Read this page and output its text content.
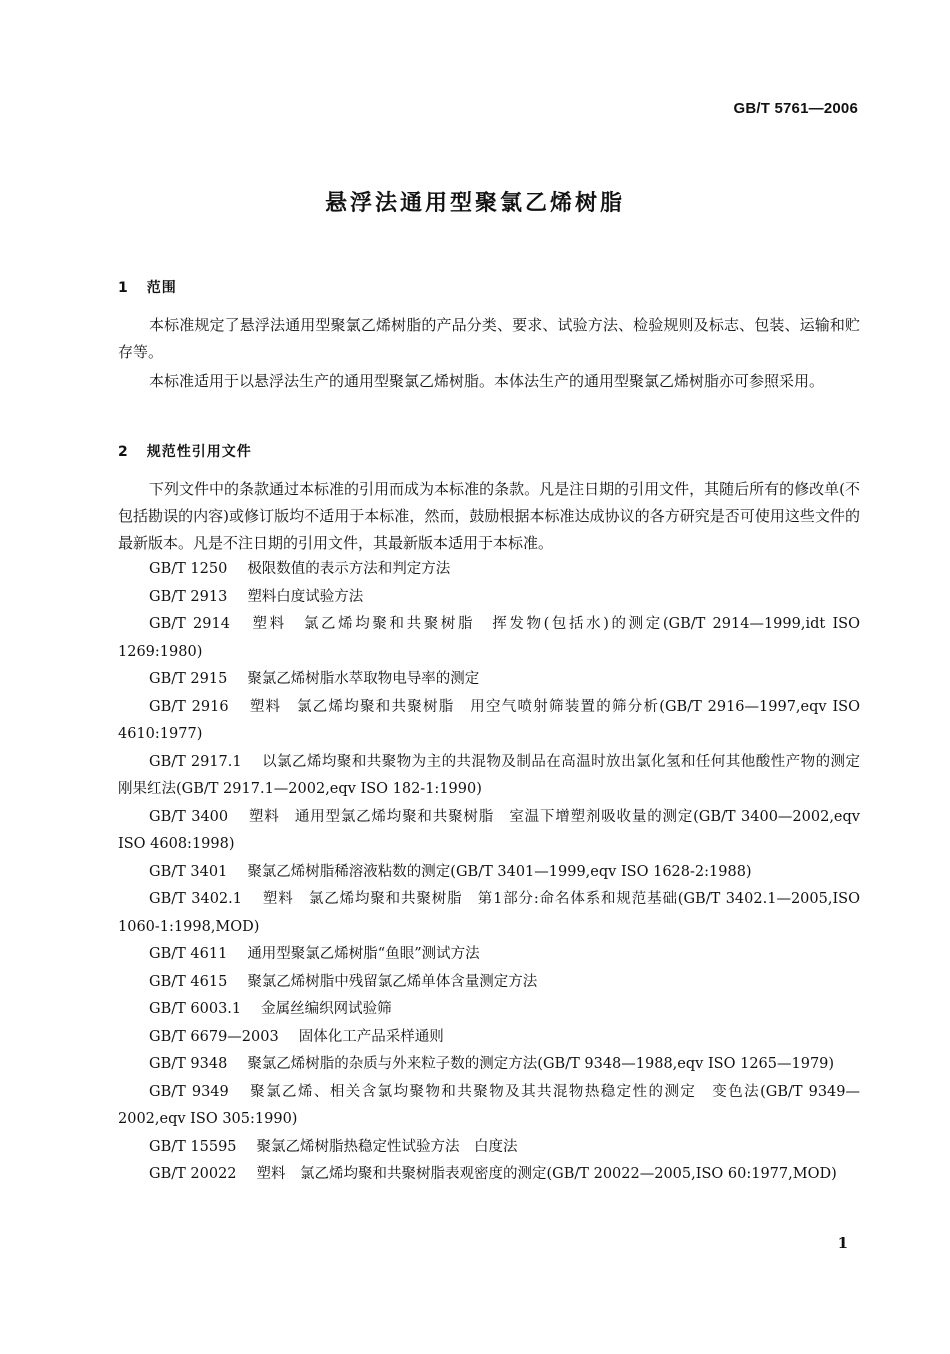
GB/T 5761—2006
悬浮法通用型聚氯乙烯树脂
1 范围
本标准规定了悬浮法通用型聚氯乙烯树脂的产品分类、要求、试验方法、检验规则及标志、包装、运输和贮存等。
本标准适用于以悬浮法生产的通用型聚氯乙烯树脂。本体法生产的通用型聚氯乙烯树脂亦可参照采用。
2 规范性引用文件
下列文件中的条款通过本标准的引用而成为本标准的条款。凡是注日期的引用文件，其随后所有的修改单(不包括勘误的内容)或修订版均不适用于本标准，然而，鼓励根据本标准达成协议的各方研究是否可使用这些文件的最新版本。凡是不注日期的引用文件，其最新版本适用于本标准。
GB/T 1250 极限数值的表示方法和判定方法
GB/T 2913 塑料白度试验方法
GB/T 2914 塑料　氯乙烯均聚和共聚树脂　挥发物(包括水)的测定(GB/T 2914—1999,idt ISO 1269:1980)
GB/T 2915 聚氯乙烯树脂水萃取物电导率的测定
GB/T 2916 塑料　氯乙烯均聚和共聚树脂　用空气喷射筛装置的筛分析(GB/T 2916—1997,eqv ISO 4610:1977)
GB/T 2917.1 以氯乙烯均聚和共聚物为主的共混物及制品在高温时放出氯化氢和任何其他酸性产物的测定　刚果红法(GB/T 2917.1—2002,eqv ISO 182-1:1990)
GB/T 3400 塑料　通用型氯乙烯均聚和共聚树脂　室温下增塑剂吸收量的测定(GB/T 3400—2002,eqv ISO 4608:1998)
GB/T 3401 聚氯乙烯树脂稀溶液粘数的测定(GB/T 3401—1999,eqv ISO 1628-2:1988)
GB/T 3402.1 塑料　氯乙烯均聚和共聚树脂　第1部分:命名体系和规范基础(GB/T 3402.1—2005,ISO 1060-1:1998,MOD)
GB/T 4611 通用型聚氯乙烯树脂“鱼眼”测试方法
GB/T 4615 聚氯乙烯树脂中残留氯乙烯单体含量测定方法
GB/T 6003.1 金属丝编织网试验筛
GB/T 6679—2003 固体化工产品采样通则
GB/T 9348 聚氯乙烯树脂的杂质与外来粒子数的测定方法(GB/T 9348—1988,eqv ISO 1265—1979)
GB/T 9349 聚氯乙烯、相关含氯均聚物和共聚物及其共混物热稳定性的测定　变色法(GB/T 9349—2002,eqv ISO 305:1990)
GB/T 15595 聚氯乙烯树脂热稳定性试验方法　白度法
GB/T 20022 塑料　氯乙烯均聚和共聚树脂表观密度的测定(GB/T 20022—2005,ISO 60:1977,MOD)
1
